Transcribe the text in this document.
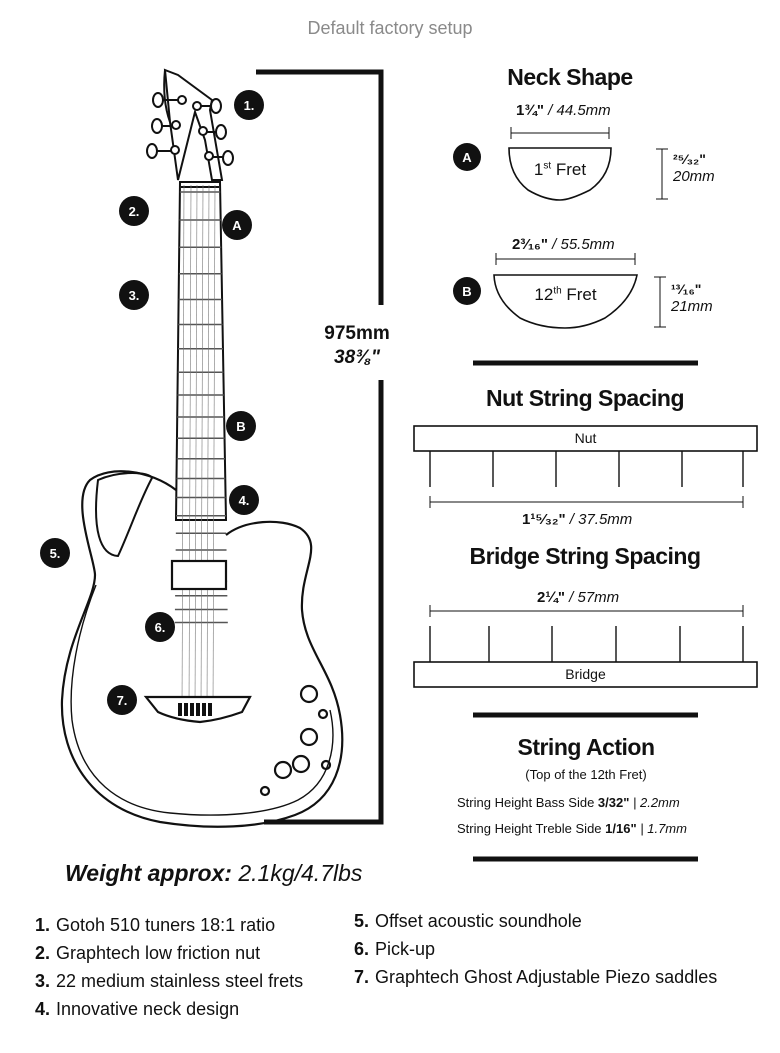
Default factory setup
1.
2.
3.
4.
5.
6.
7.
A
B
975mm
38⅜"
Neck Shape
A
1¾" / 44.5mm
1st Fret
²⁵⁄₃₂"
20mm
B
2³⁄₁₆" / 55.5mm
12th Fret	¹³⁄₁₆"
21mm
Nut String Spacing
Nut
1¹⁵⁄₃₂" / 37.5mm
Bridge String Spacing
2¼" / 57mm
Bridge
String Action
(Top of the 12th Fret)
String Height Bass Side 3/32" | 2.2mm
String Height Treble Side 1/16" | 1.7mm
Weight approx: 2.1kg/4.7lbs
1. Gotoh 510 tuners 18:1 ratio
2. Graphtech low friction nut
3. 22 medium stainless steel frets
4. Innovative neck design
5. Offset acoustic soundhole
6. Pick-up
7. Graphtech Ghost Adjustable Piezo saddles
